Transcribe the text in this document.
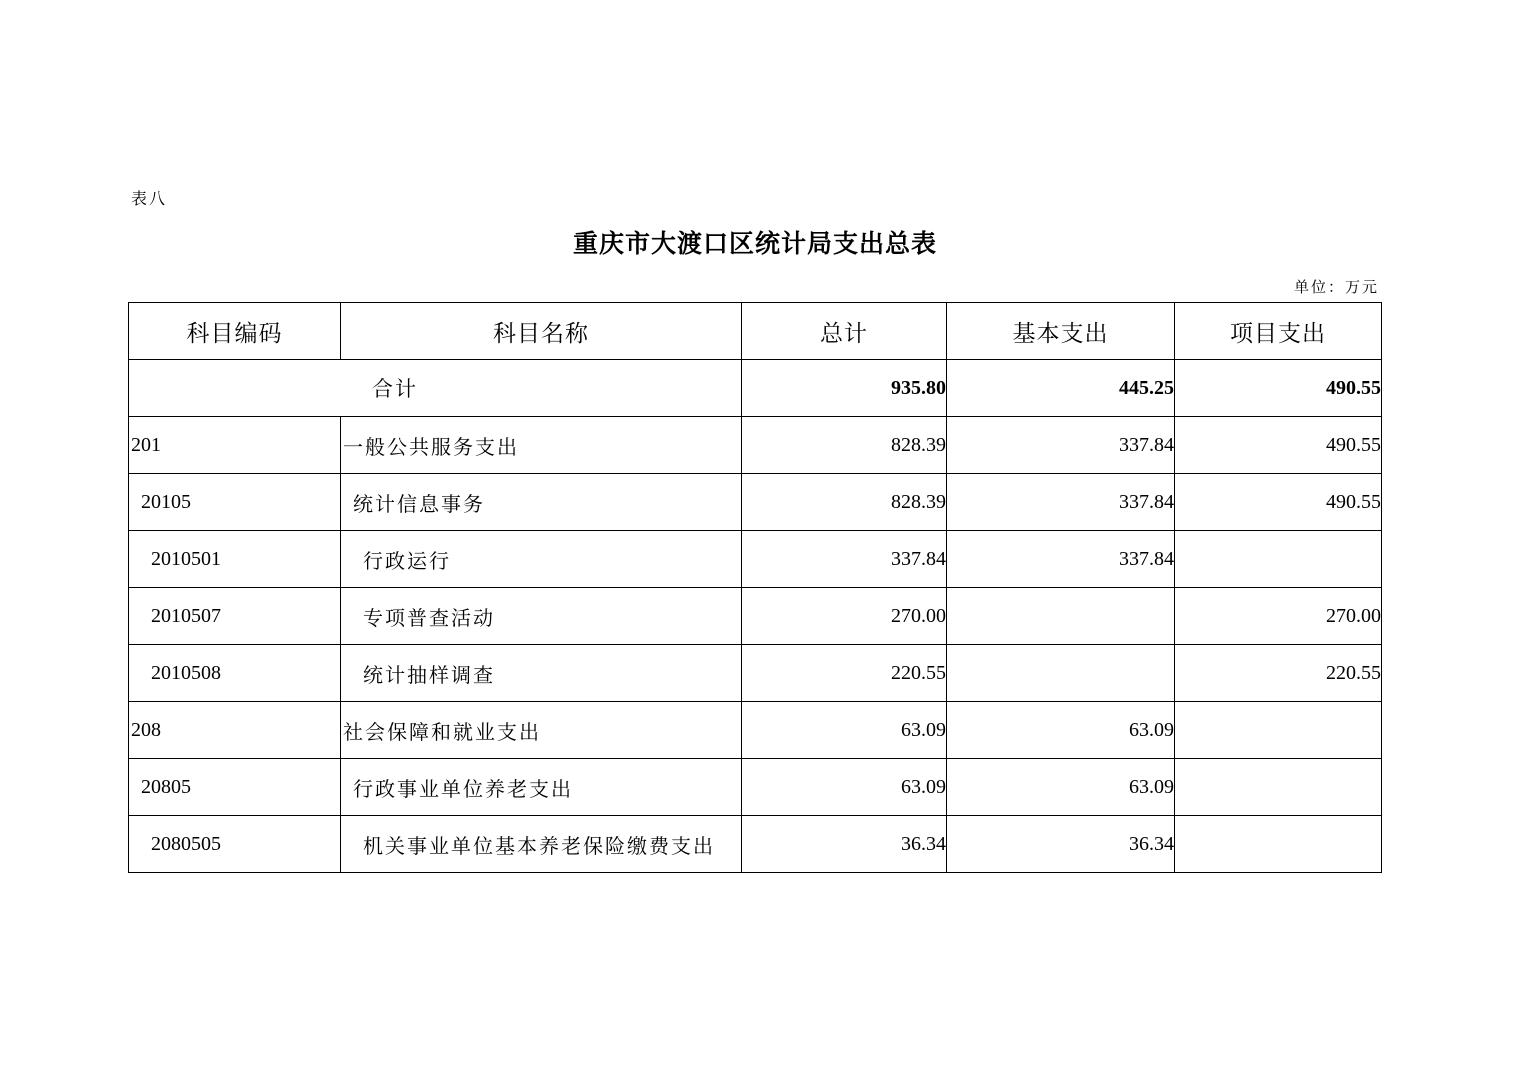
表八
重庆市大渡口区统计局支出总表
单位：万元
科目编码	科目名称	总计	基本支出	项目支出
合计		935.80	445.25	490.55
201	一般公共服务支出	828.39	337.84	490.55
20105	统计信息事务	828.39	337.84	490.55
2010501	行政运行	337.84	337.84	
2010507	专项普查活动	270.00		270.00
2010508	统计抽样调查	220.55		220.55
208	社会保障和就业支出	63.09	63.09	
20805	行政事业单位养老支出	63.09	63.09	
2080505	机关事业单位基本养老保险缴费支出	36.34	36.34	
